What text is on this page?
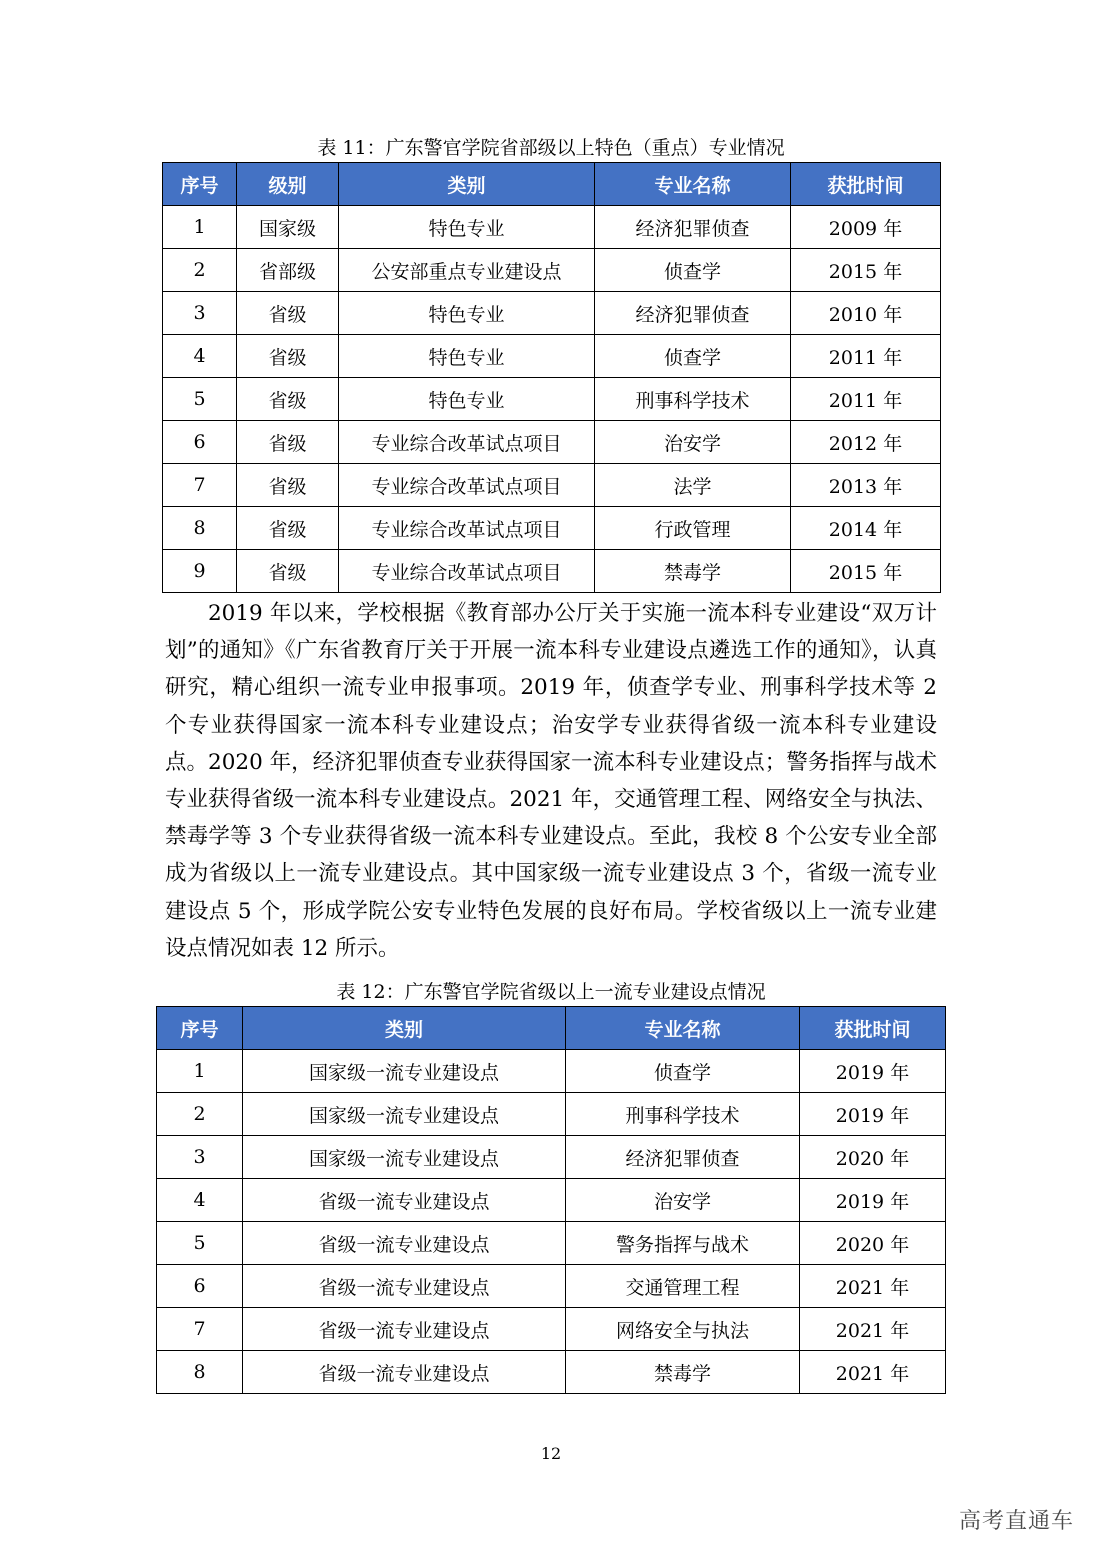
表 11：广东警官学院省部级以上特色（重点）专业情况
序号	级别	类别	专业名称	获批时间
1	国家级	特色专业	经济犯罪侦查	2009 年
2	省部级	公安部重点专业建设点	侦查学	2015 年
3	省级	特色专业	经济犯罪侦查	2010 年
4	省级	特色专业	侦查学	2011 年
5	省级	特色专业	刑事科学技术	2011 年
6	省级	专业综合改革试点项目	治安学	2012 年
7	省级	专业综合改革试点项目	法学	2013 年
8	省级	专业综合改革试点项目	行政管理	2014 年
9	省级	专业综合改革试点项目	禁毒学	2015 年

2019 年以来，学校根据《教育部办公厅关于实施一流本科专业建设“双万计划”的通知》《广东省教育厅关于开展一流本科专业建设点遴选工作的通知》，认真研究，精心组织一流专业申报事项。2019 年，侦查学专业、刑事科学技术等 2 个专业获得国家一流本科专业建设点；治安学专业获得省级一流本科专业建设点。2020 年，经济犯罪侦查专业获得国家一流本科专业建设点；警务指挥与战术专业获得省级一流本科专业建设点。2021 年，交通管理工程、网络安全与执法、禁毒学等 3 个专业获得省级一流本科专业建设点。至此，我校 8 个公安专业全部成为省级以上一流专业建设点。其中国家级一流专业建设点 3 个，省级一流专业建设点 5 个，形成学院公安专业特色发展的良好布局。学校省级以上一流专业建设点情况如表 12 所示。

表 12：广东警官学院省级以上一流专业建设点情况
序号	类别	专业名称	获批时间
1	国家级一流专业建设点	侦查学	2019 年
2	国家级一流专业建设点	刑事科学技术	2019 年
3	国家级一流专业建设点	经济犯罪侦查	2020 年
4	省级一流专业建设点	治安学	2019 年
5	省级一流专业建设点	警务指挥与战术	2020 年
6	省级一流专业建设点	交通管理工程	2021 年
7	省级一流专业建设点	网络安全与执法	2021 年
8	省级一流专业建设点	禁毒学	2021 年
12
高考直通车
